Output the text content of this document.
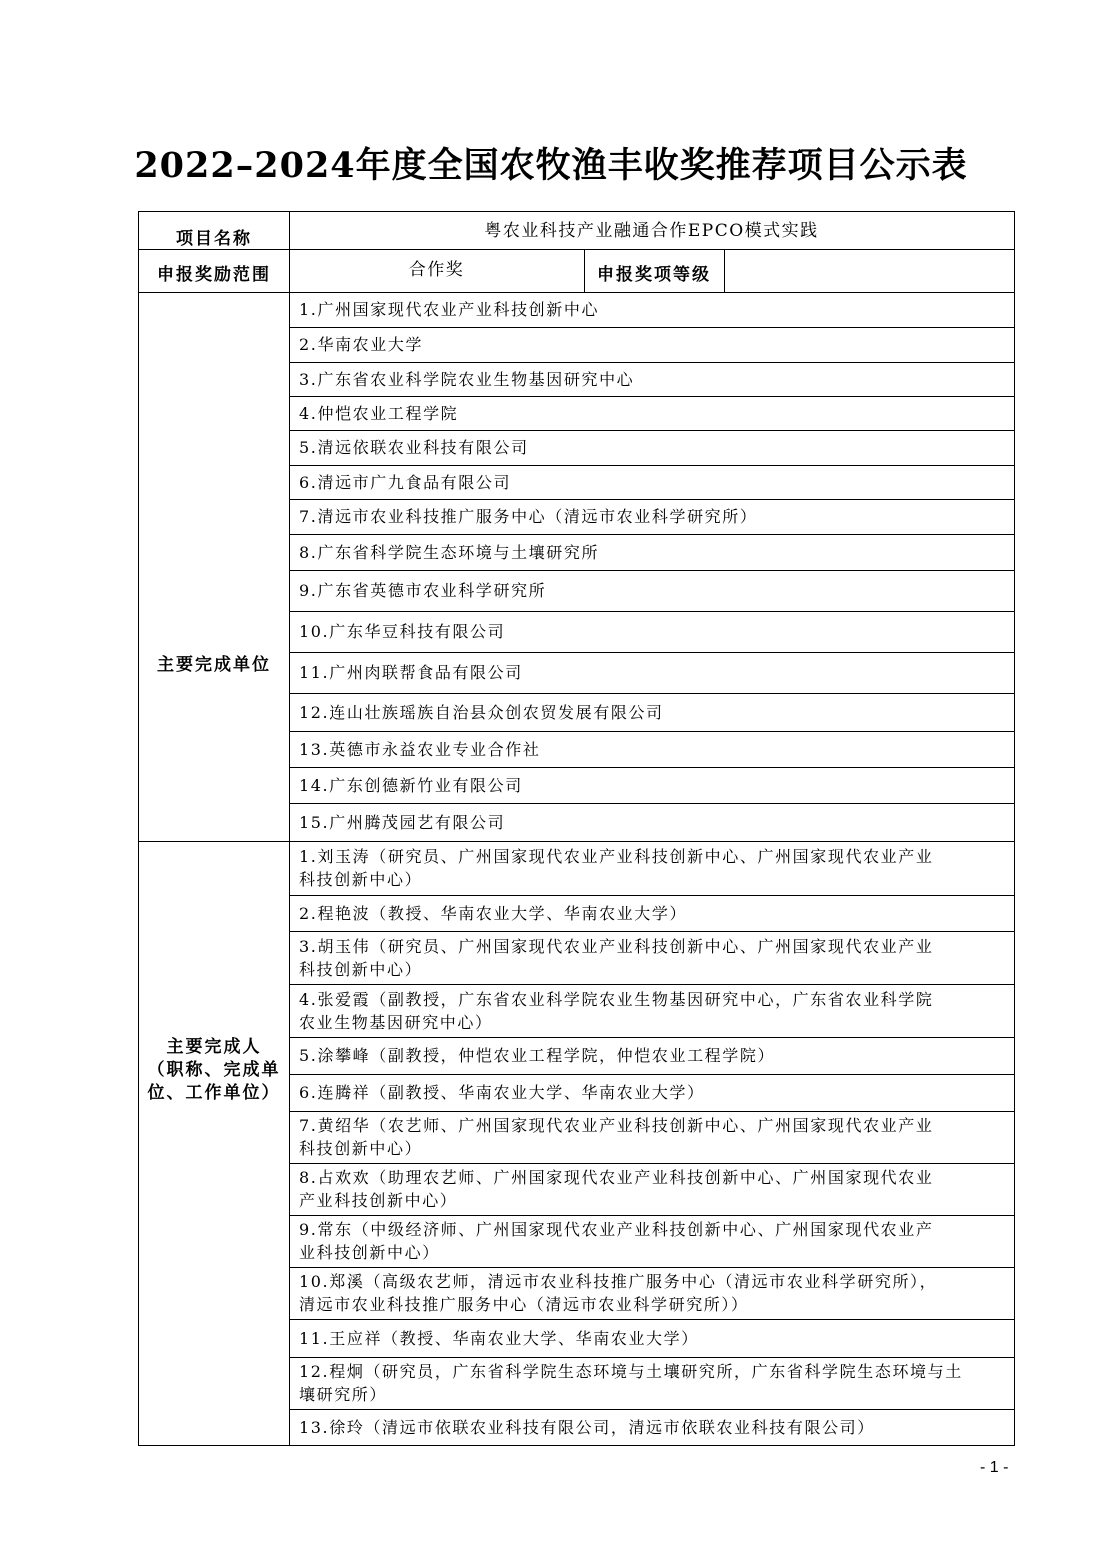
2022–2024年度全国农牧渔丰收奖推荐项目公示表
项目名称	粤农业科技产业融通合作EPCO模式实践
申报奖励范围	合作奖	申报奖项等级
主要完成单位
1.广州国家现代农业产业科技创新中心
2.华南农业大学
3.广东省农业科学院农业生物基因研究中心
4.仲恺农业工程学院
5.清远依联农业科技有限公司
6.清远市广九食品有限公司
7.清远市农业科技推广服务中心（清远市农业科学研究所）
8.广东省科学院生态环境与土壤研究所
9.广东省英德市农业科学研究所
10.广东华豆科技有限公司
11.广州肉联帮食品有限公司
12.连山壮族瑶族自治县众创农贸发展有限公司
13.英德市永益农业专业合作社
14.广东创德新竹业有限公司
15.广州腾茂园艺有限公司
主要完成人
（职称、完成单
位、工作单位）
1.刘玉涛（研究员、广州国家现代农业产业科技创新中心、广州国家现代农业产业
科技创新中心）
2.程艳波（教授、华南农业大学、华南农业大学）
3.胡玉伟（研究员、广州国家现代农业产业科技创新中心、广州国家现代农业产业
科技创新中心）
4.张爱霞（副教授，广东省农业科学院农业生物基因研究中心，广东省农业科学院
农业生物基因研究中心）
5.涂攀峰（副教授，仲恺农业工程学院，仲恺农业工程学院）
6.连腾祥（副教授、华南农业大学、华南农业大学）
7.黄绍华（农艺师、广州国家现代农业产业科技创新中心、广州国家现代农业产业
科技创新中心）
8.占欢欢（助理农艺师、广州国家现代农业产业科技创新中心、广州国家现代农业
产业科技创新中心）
9.常东（中级经济师、广州国家现代农业产业科技创新中心、广州国家现代农业产
业科技创新中心）
10.郑溪（高级农艺师，清远市农业科技推广服务中心（清远市农业科学研究所），
清远市农业科技推广服务中心（清远市农业科学研究所））
11.王应祥（教授、华南农业大学、华南农业大学）
12.程炯（研究员，广东省科学院生态环境与土壤研究所，广东省科学院生态环境与土
壤研究所）
13.徐玲（清远市依联农业科技有限公司，清远市依联农业科技有限公司）
- 1 -
